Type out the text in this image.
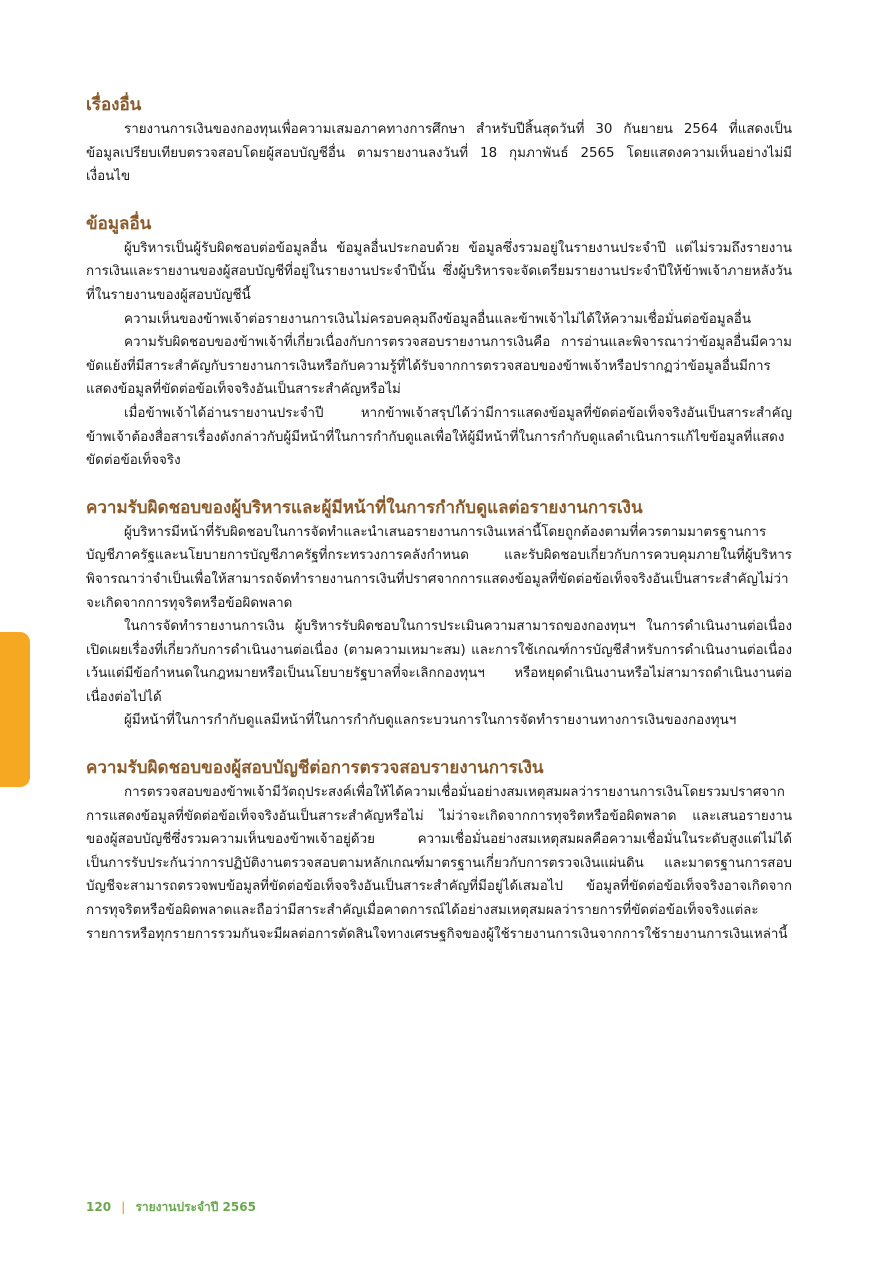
เรื่องอื่น

รายงานการเงินของกองทุนเพื่อความเสมอภาคทางการศึกษา สำหรับปีสิ้นสุดวันที่ 30 กันยายน 2564 ที่แสดงเป็นข้อมูลเปรียบเทียบตรวจสอบโดยผู้สอบบัญชีอื่น ตามรายงานลงวันที่ 18 กุมภาพันธ์ 2565 โดยแสดงความเห็นอย่างไม่มีเงื่อนไข

ข้อมูลอื่น

ผู้บริหารเป็นผู้รับผิดชอบต่อข้อมูลอื่น ข้อมูลอื่นประกอบด้วย ข้อมูลซึ่งรวมอยู่ในรายงานประจำปี แต่ไม่รวมถึงรายงานการเงินและรายงานของผู้สอบบัญชีที่อยู่ในรายงานประจำปีนั้น ซึ่งผู้บริหารจะจัดเตรียมรายงานประจำปีให้ข้าพเจ้าภายหลังวันที่ในรายงานของผู้สอบบัญชีนี้

ความเห็นของข้าพเจ้าต่อรายงานการเงินไม่ครอบคลุมถึงข้อมูลอื่นและข้าพเจ้าไม่ได้ให้ความเชื่อมั่นต่อข้อมูลอื่น

ความรับผิดชอบของข้าพเจ้าที่เกี่ยวเนื่องกับการตรวจสอบรายงานการเงินคือ การอ่านและพิจารณาว่าข้อมูลอื่นมีความขัดแย้งที่มีสาระสำคัญกับรายงานการเงินหรือกับความรู้ที่ได้รับจากการตรวจสอบของข้าพเจ้าหรือปรากฏว่าข้อมูลอื่นมีการแสดงข้อมูลที่ขัดต่อข้อเท็จจริงอันเป็นสาระสำคัญหรือไม่

เมื่อข้าพเจ้าได้อ่านรายงานประจำปี หากข้าพเจ้าสรุปได้ว่ามีการแสดงข้อมูลที่ขัดต่อข้อเท็จจริงอันเป็นสาระสำคัญ ข้าพเจ้าต้องสื่อสารเรื่องดังกล่าวกับผู้มีหน้าที่ในการกำกับดูแลเพื่อให้ผู้มีหน้าที่ในการกำกับดูแลดำเนินการแก้ไขข้อมูลที่แสดงขัดต่อข้อเท็จจริง

ความรับผิดชอบของผู้บริหารและผู้มีหน้าที่ในการกำกับดูแลต่อรายงานการเงิน

ผู้บริหารมีหน้าที่รับผิดชอบในการจัดทำและนำเสนอรายงานการเงินเหล่านี้โดยถูกต้องตามที่ควรตามมาตรฐานการบัญชีภาครัฐและนโยบายการบัญชีภาครัฐที่กระทรวงการคลังกำหนด และรับผิดชอบเกี่ยวกับการควบคุมภายในที่ผู้บริหารพิจารณาว่าจำเป็นเพื่อให้สามารถจัดทำรายงานการเงินที่ปราศจากการแสดงข้อมูลที่ขัดต่อข้อเท็จจริงอันเป็นสาระสำคัญไม่ว่าจะเกิดจากการทุจริตหรือข้อผิดพลาด

ในการจัดทำรายงานการเงิน ผู้บริหารรับผิดชอบในการประเมินความสามารถของกองทุนฯ ในการดำเนินงานต่อเนื่อง เปิดเผยเรื่องที่เกี่ยวกับการดำเนินงานต่อเนื่อง (ตามความเหมาะสม) และการใช้เกณฑ์การบัญชีสำหรับการดำเนินงานต่อเนื่องเว้นแต่มีข้อกำหนดในกฎหมายหรือเป็นนโยบายรัฐบาลที่จะเลิกกองทุนฯ หรือหยุดดำเนินงานหรือไม่สามารถดำเนินงานต่อเนื่องต่อไปได้

ผู้มีหน้าที่ในการกำกับดูแลมีหน้าที่ในการกำกับดูแลกระบวนการในการจัดทำรายงานทางการเงินของกองทุนฯ

ความรับผิดชอบของผู้สอบบัญชีต่อการตรวจสอบรายงานการเงิน

การตรวจสอบของข้าพเจ้ามีวัตถุประสงค์เพื่อให้ได้ความเชื่อมั่นอย่างสมเหตุสมผลว่ารายงานการเงินโดยรวมปราศจากการแสดงข้อมูลที่ขัดต่อข้อเท็จจริงอันเป็นสาระสำคัญหรือไม่ ไม่ว่าจะเกิดจากการทุจริตหรือข้อผิดพลาด และเสนอรายงานของผู้สอบบัญชีซึ่งรวมความเห็นของข้าพเจ้าอยู่ด้วย ความเชื่อมั่นอย่างสมเหตุสมผลคือความเชื่อมั่นในระดับสูงแต่ไม่ได้เป็นการรับประกันว่าการปฏิบัติงานตรวจสอบตามหลักเกณฑ์มาตรฐานเกี่ยวกับการตรวจเงินแผ่นดิน และมาตรฐานการสอบบัญชีจะสามารถตรวจพบข้อมูลที่ขัดต่อข้อเท็จจริงอันเป็นสาระสำคัญที่มีอยู่ได้เสมอไป ข้อมูลที่ขัดต่อข้อเท็จจริงอาจเกิดจากการทุจริตหรือข้อผิดพลาดและถือว่ามีสาระสำคัญเมื่อคาดการณ์ได้อย่างสมเหตุสมผลว่ารายการที่ขัดต่อข้อเท็จจริงแต่ละรายการหรือทุกรายการรวมกันจะมีผลต่อการตัดสินใจทางเศรษฐกิจของผู้ใช้รายงานการเงินจากการใช้รายงานการเงินเหล่านี้

120 | รายงานประจำปี 2565
